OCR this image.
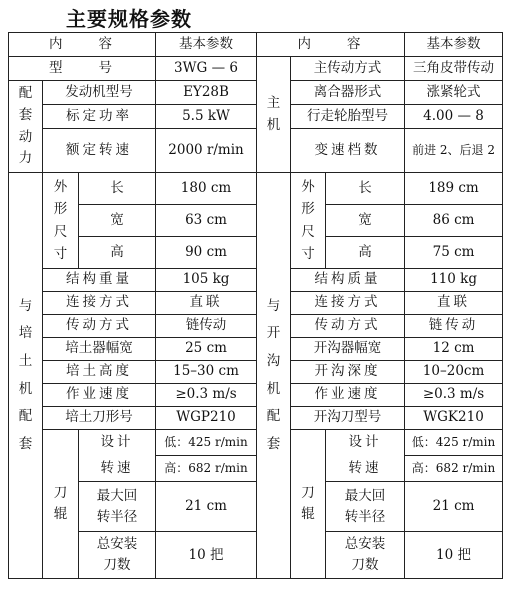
主要规格参数
内　　容			基本参数	内　　容			基本参数
型　　号			3WG — 6	主机	主传动方式		三角皮带传动
配套动力	发动机型号		EY28B		离合器形式		涨紧轮式
	标定功率		5.5 kW		行走轮胎型号		4.00 — 8
	额定转速		2000 r/min		变速档数		前进 2、后退 2
与培土机配套	外形尺寸	长	180 cm	与开沟机配套	外形尺寸	长	189 cm
		宽	63 cm			宽	86 cm
		高	90 cm			高	75 cm
	结构重量		105 kg		结构质量		110 kg
	连接方式		直联		连接方式		直联
	传动方式		链传动		传动方式		链传动
	培土器幅宽		25 cm		开沟器幅宽		12 cm
	培土高度		15–30 cm		开沟深度		10–20cm
	作业速度		≥0.3 m/s		作业速度		≥0.3 m/s
	培土刀形号		WGP210		开沟刀型号		WGK210
	刀辊	设计转速	低：425 r/min		刀辊	设计转速	低：425 r/min
			高：682 r/min				高：682 r/min
		最大回转半径	21 cm			最大回转半径	21 cm
		总安装刀数	10 把			总安装刀数	10 把
